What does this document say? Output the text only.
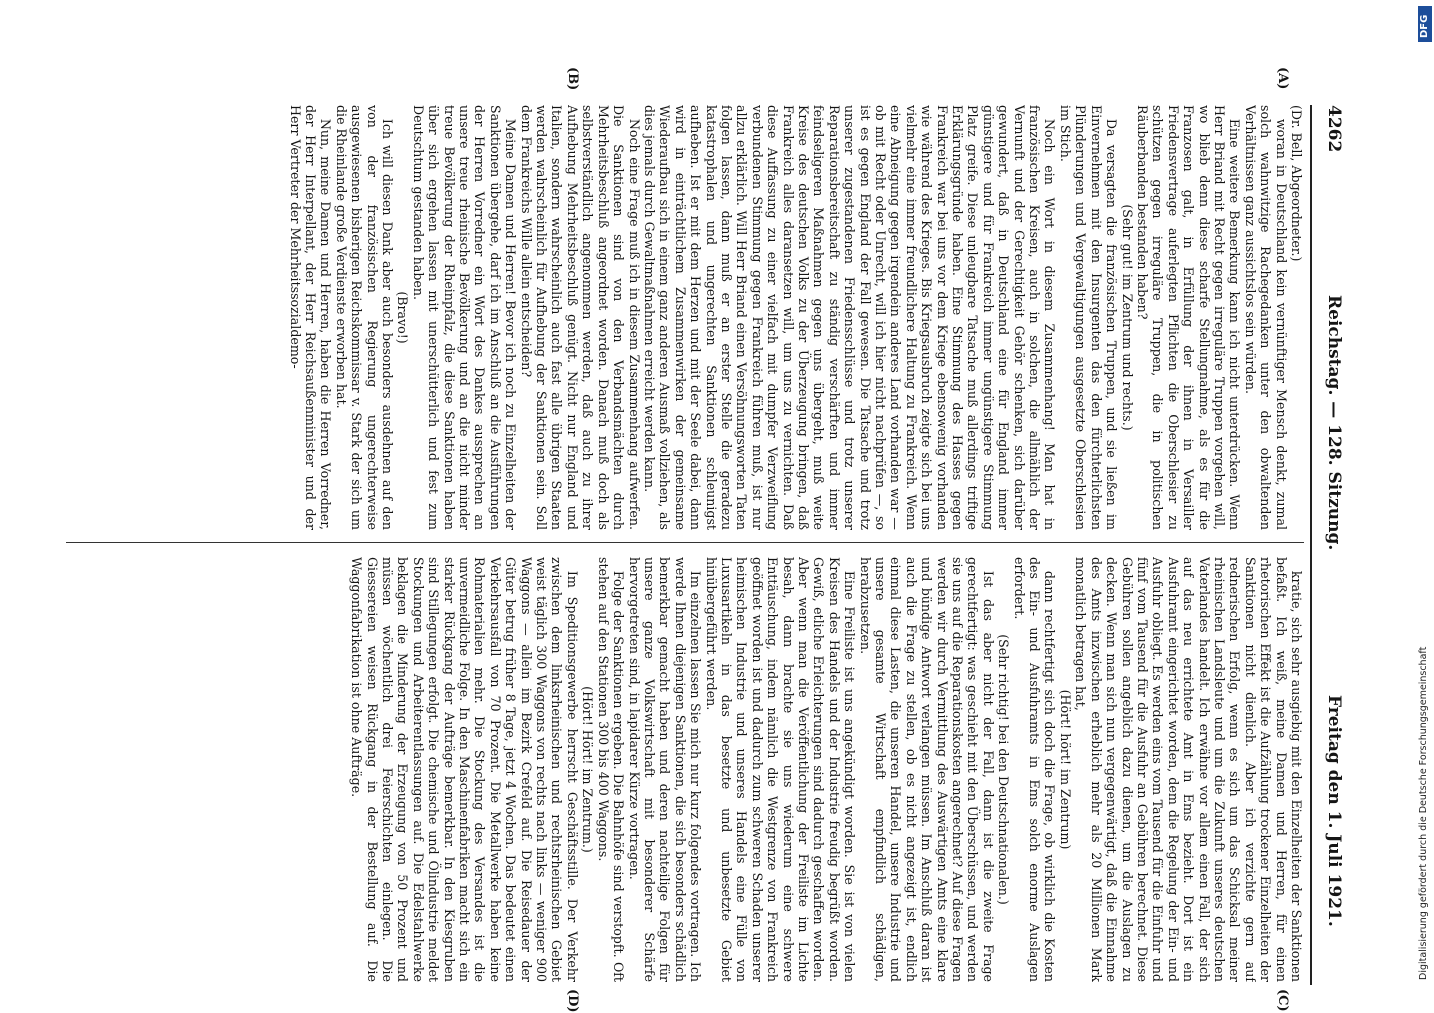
4262
Reichstag. — 128. Sitzung.
Freitag den 1. Juli 1921.

(Dr. Bell, Abgeordneter.)

woran in Deutschland kein vernünftiger Mensch denkt, zumal solch wahnwitzige Rachegedanken unter den obwaltenden Verhältnissen ganz aussichtslos sein würden.

Eine weitere Bemerkung kann ich nicht unterdrücken. Wenn Herr Briand mit Recht gegen irreguläre Truppen vorgehen will, wo blieb denn diese scharfe Stellungnahme, als es für die Franzosen galt, in Erfüllung der ihnen in Versailler Friedensvertrage auferlegten Pflichten die Oberschlesier zu schützen gegen irreguläre Truppen, die in politischen Räuberbanden bestanden haben?

(Sehr gut! im Zentrum und rechts.)

Da versagten die französischen Truppen, und sie ließen im Einvernehmen mit den Insurgenten das den fürchterlichsten Plünderungen und Vergewaltigungen ausgesetzte Oberschlesien im Stich.

Noch ein Wort in diesem Zusammenhang! Man hat in französischen Kreisen, auch in solchen, die allmählich der Vernunft und der Gerechtigkeit Gehör schenken, sich darüber gewundert, daß in Deutschland eine für England immer günstigere und für Frankreich immer ungünstigere Stimmung Platz greife. Diese unleugbare Tatsache muß allerdings triftige Erklärungsgründe haben. Eine Stimmung des Hasses gegen Frankreich war bei uns vor dem Kriege ebensowenig vorhanden wie während des Krieges. Bis Kriegsausbruch zeigte sich bei uns vielmehr eine immer freundlichere Haltung zu Frankreich. Wenn eine Abneigung gegen irgendein anderes Land vorhanden war — ob mit Recht oder Unrecht, will ich hier nicht nachprüfen —, so ist es gegen England der Fall gewesen. Die Tatsache und trotz unserer zugestandenen Friedensschlüsse und trotz unserer Reparationsbereitschaft zu ständig verschärften und immer feindseligeren Maßnahmen gegen uns übergeht, muß weite Kreise des deutschen Volks zu der Überzeugung bringen, daß Frankreich alles daransetzen will, um uns zu vernichten. Daß diese Auffassung zu einer vielfach mit dumpfer Verzweiflung verbundenen Stimmung gegen Frankreich führen muß, ist nur allzu erklärlich. Will Herr Briand einen Versöhnungsworten Taten folgen lassen, dann muß er an erster Stelle die geradezu katastrophalen und ungerechten Sanktionen schleunigst aufheben. Ist er mit dem Herzen und mit der Seele dabei, dann wird in einträchtlichem Zusammenwirken der gemeinsame Wiederaufbau sich in einem ganz anderen Ausmaß vollziehen, als dies jemals durch Gewaltmaßnahmen erreicht werden kann.

Noch eine Frage muß ich in diesem Zusammenhang aufwerfen. Die Sanktionen sind von den Verbandsmächten durch Mehrheitsbeschluß angeordnet worden. Danach muß doch als selbstverständlich angenommen werden, daß auch zu ihrer Aufhebung Mehrheitsbeschluß genügt. Nicht nur England und Italien, sondern wahrscheinlich auch fast alle übrigen Staaten werden wahrscheinlich für Aufhebung der Sanktionen sein. Soll dem Frankreichs Wille allein entscheiden?

Meine Damen und Herren! Bevor ich noch zu Einzelheiten der Sanktionen übergehe, darf ich im Anschluß an die Ausführungen der Herren Vorredner ein Wort des Dankes aussprechen an unsere treue rheinische Bevölkerung und an die nicht minder treue Bevölkerung der Rheinpfalz, die diese Sanktionen haben über sich ergehen lassen mit unerschütterlich und fest zum Deutschtum gestanden haben.

(Bravo!)

Ich will diesen Dank aber auch besonders ausdehnen auf den von der französischen Regierung ungerechterweise ausgewiesenen bisherigen Reichskommissar v. Stark der sich um die Rheinlande große Verdienste erworben hat.

Nun, meine Damen und Herren, haben die Herren Vorredner, der Herr Interpellant, der Herr Reichsaußenminister und der Herr Vertreter der Mehrheitssozialdemo-

kratie, sich sehr ausgiebig mit den Einzelheiten der Sanktionen befaßt. Ich weiß, meine Damen und Herren, für einen rhetorischen Effekt ist die Aufzählung trockener Einzelheiten der Sanktionen nicht dienlich. Aber ich verzichte gern auf rednerischen Erfolg, wenn es sich um das Schicksal meiner rheinischen Landsleute und um die Zukunft unseres deutschen Vaterlandes handelt. Ich erwähne vor allem einen Fall, der sich auf das neu errichtete Amt in Ems bezieht. Dort ist ein Ausfuhramt eingerichtet worden, dem die Regelung der Ein- und Ausfuhr obliegt. Es werden eins vom Tausend für die Einfuhr und fünf vom Tausend für die Ausfuhr an Gebühren berechnet. Diese Gebühren sollen angeblich dazu dienen, um die Auslagen zu decken. Wenn man sich nun vergegenwärtigt, daß die Einnahme des Amts inzwischen erheblich mehr als 20 Millionen Mark monatlich betragen hat,

(Hört! hört! im Zentrum)

dann rechtfertigt sich doch die Frage, ob wirklich die Kosten des Ein- und Ausfuhramts in Ems solch enorme Auslagen erfordert.

(Sehr richtig! bei den Deutschnationalen.)

Ist das aber nicht der Fall, dann ist die zweite Frage gerechtfertigt: was geschieht mit den Überschüssen, und werden sie uns auf die Reparationskosten angerechnet? Auf diese Fragen werden wir durch Vermittlung des Auswärtigen Amts eine klare und bündige Antwort verlangen müssen. Im Anschluß daran ist auch die Frage zu stellen, ob es nicht angezeigt ist, endlich einmal diese Lasten, die unseren Handel, unsere Industrie und unsere gesamte Wirtschaft empfindlich schädigen, herabzusetzen.

Eine Freiliste ist uns angekündigt worden. Sie ist von vielen Kreisen des Handels und der Industrie freudig begrüßt worden. Gewiß, etliche Erleichterungen sind dadurch geschaffen worden. Aber wenn man die Veröffentlichung der Freiliste im Lichte besah, dann brachte sie uns wiederum eine schwere Enttäuschung, indem nämlich die Westgrenze von Frankreich geöffnet worden ist und dadurch zum schweren Schaden unserer heimischen Industrie und unseres Handels eine Fülle von Luxusartikeln in das besetzte und unbesetzte Gebiet hinübergeführt werden.

Im einzelnen lassen Sie mich nur kurz folgendes vortragen. Ich werde Ihnen diejenigen Sanktionen, die sich besonders schädlich bemerkbar gemacht haben und deren nachteilige Folgen für unsere ganze Volkswirtschaft mit besonderer Schärfe hervorgetreten sind, in lapidarer Kürze vortragen.

Folge der Sanktionen ergeben. Die Bahnhöfe sind verstopft. Oft stehen auf den Stationen 300 bis 400 Waggons.

(Hört! Hört! im Zentrum.)

Im Speditionsgewerbe herrscht Geschäftsstille. Der Verkehr zwischen dem linksrheinischen und rechtsrheinischen Gebiet weist täglich 300 Waggons von rechts nach links — weniger 900 Waggons — allein im Bezirk Crefeld auf. Die Reisedauer der Güter betrug früher 8 Tage, jetzt 4 Wochen. Das bedeutet einen Verkehrsausfall von 70 Prozent. Die Metallwerke haben keine Rohmaterialien mehr. Die Stockung des Versandes ist die unvermeidliche Folge. In den Maschinenfabriken macht sich ein starker Rückgang der Aufträge bemerkbar. In den Kiesgruben sind Stillegungen erfolgt. Die chemische und Ölindustrie meldet Stockungen und Arbeiterentlassungen auf. Die Edelstahlwerke beklagen die Minderung der Erzeugung von 50 Prozent und müssen wöchentlich drei Feierschichten einlegen. Die Giessereien weisen Rückgang in der Bestellung auf. Die Waggonfabrikation ist ohne Aufträge.

(A)
(B)
(C)
(D)
DFG
Digitalisierung gefördert durch die Deutsche Forschungsgemeinschaft
